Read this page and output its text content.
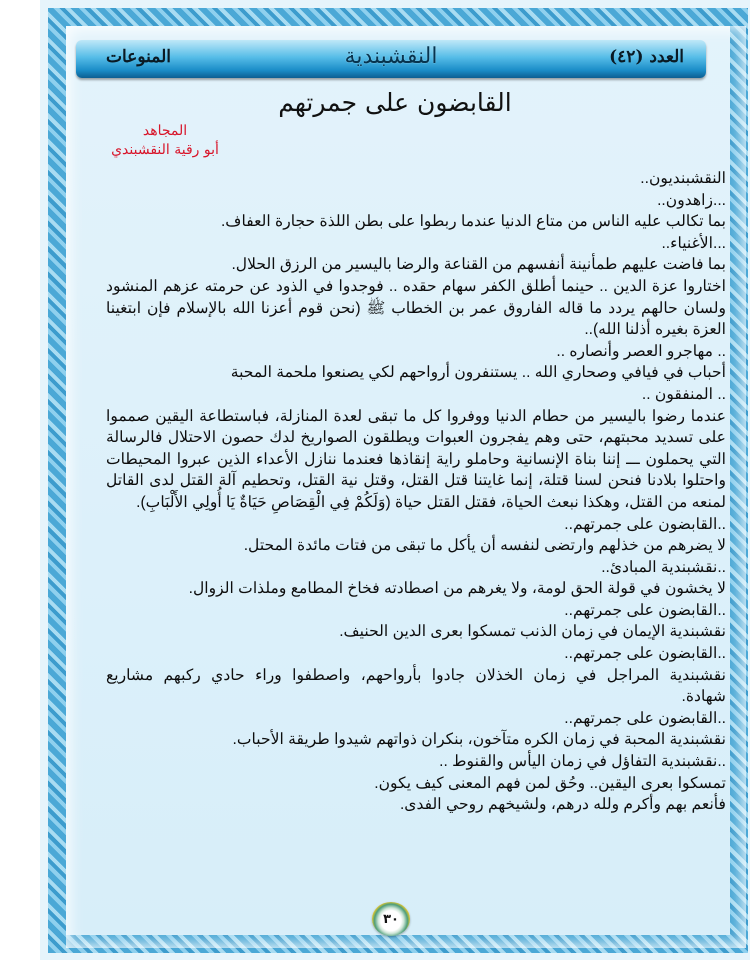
العدد (٤٢)
النقشبندية
المنوعات
القابضون على جمرتهم
المجاهد
أبو رقية النقشبندي
النقشبنديون..
...زاهدون..
بما تكالب عليه الناس من متاع الدنيا عندما ربطوا على بطن اللذة حجارة العفاف.
...الأغنياء..
بما فاضت عليهم طمأنينة أنفسهم من القناعة والرضا باليسير من الرزق الحلال.
اختاروا عزة الدين .. حينما أطلق الكفر سهام حقده .. فوجدوا في الذود عن حرمته عزهم المنشود
ولسان حالهم يردد ما قاله الفاروق عمر بن الخطاب ﷺ (نحن قوم أعزنا الله بالإسلام فإن ابتغينا
العزة بغيره أذلنا الله)..
.. مهاجرو العصر وأنصاره ..
أحباب في فيافي وصحاري الله .. يستنفرون أرواحهم لكي يصنعوا ملحمة المحبة
.. المنفقون ..
عندما رضوا باليسير من حطام الدنيا ووفروا كل ما تبقى لعدة المنازلة، فباستطاعة اليقين صمموا
على تسديد محبتهم، حتى وهم يفجرون العبوات ويطلقون الصواريخ لدك حصون الاحتلال فالرسالة
التي يحملون ـــ إننا بناة الإنسانية وحاملو راية إنقاذها فعندما ننازل الأعداء الذين عبروا المحيطات
واحتلوا بلادنا فنحن لسنا قتلة، إنما غايتنا قتل القتل، وقتل نية القتل، وتحطيم آلة القتل لدى القاتل
لمنعه من القتل، وهكذا نبعث الحياة، فقتل القتل حياة (وَلَكُمْ فِي الْقِصَاصِ حَيَاةٌ يَا أُولِي الأَلْبَابِ).
..القابضون على جمرتهم..
لا يضرهم من خذلهم وارتضى لنفسه أن يأكل ما تبقى من فتات مائدة المحتل.
..نقشبندية المبادئ..
لا يخشون في قولة الحق لومة، ولا يغرهم من اصطادته فخاخ المطامع وملذات الزوال.
..القابضون على جمرتهم..
نقشبندية الإيمان في زمان الذنب تمسكوا بعرى الدين الحنيف.
..القابضون على جمرتهم..
نقشبندية المراجل في زمان الخذلان جادوا بأرواحهم، واصطفوا وراء حادي ركبهم مشاريع
شهادة.
..القابضون على جمرتهم..
نقشبندية المحبة في زمان الكره متآخون، بنكران ذواتهم شيدوا طريقة الأحباب.
..نقشبندية التفاؤل في زمان اليأس والقنوط ..
تمسكوا بعرى اليقين.. وحُق لمن فهم المعنى كيف يكون.
فأنعم بهم وأكرم ولله درهم، ولشيخهم روحي الفدى.
٣٠
